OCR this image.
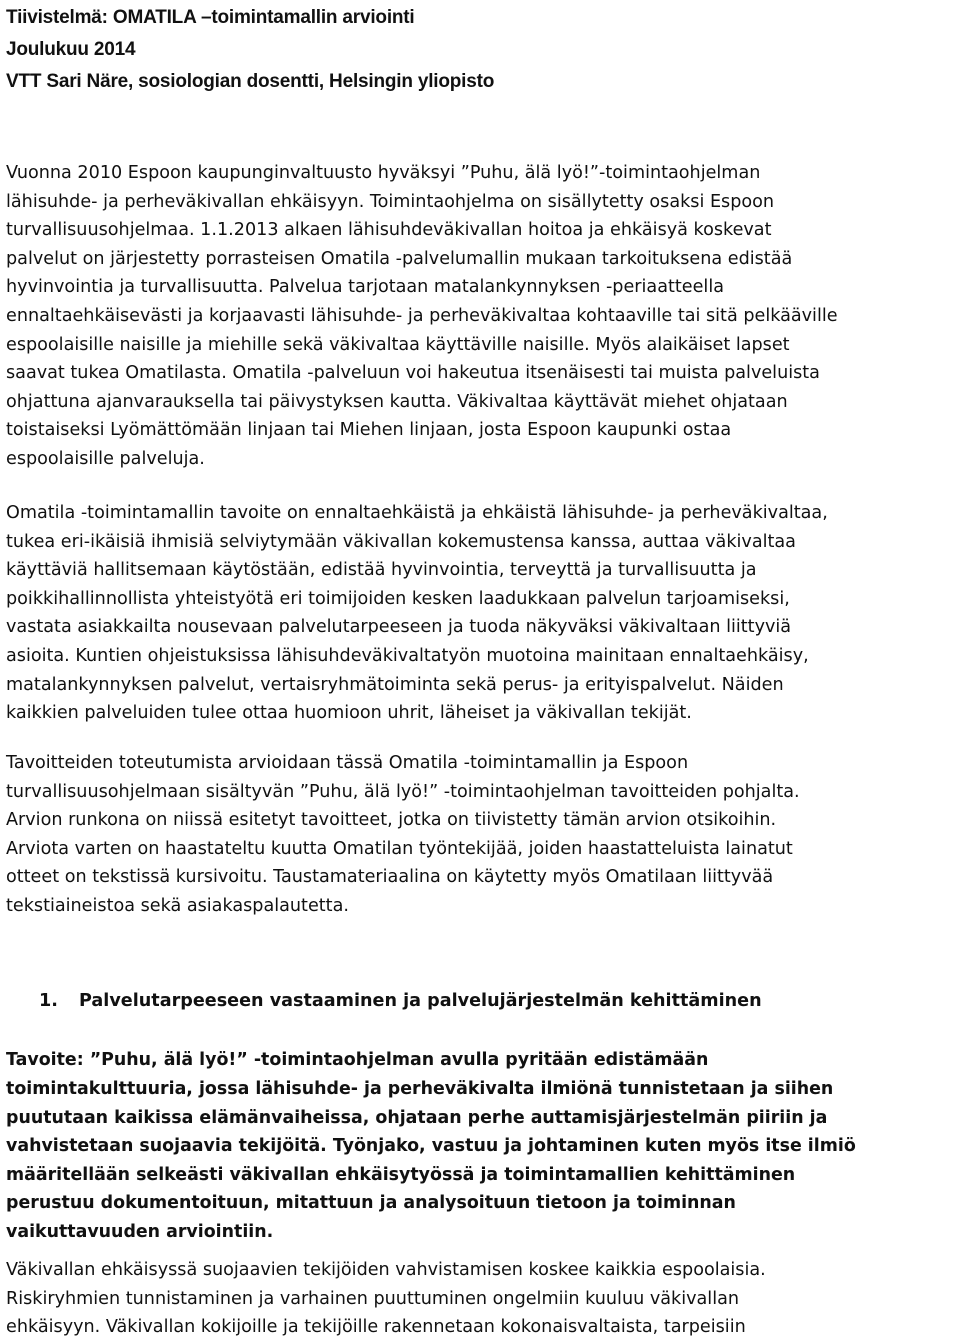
Tiivistelmä: OMATILA –toimintamallin arviointi
Joulukuu 2014
VTT Sari Näre, sosiologian dosentti, Helsingin yliopisto

Vuonna 2010 Espoon kaupunginvaltuusto hyväksyi ”Puhu, älä lyö!”-toimintaohjelman
lähisuhde- ja perheväkivallan ehkäisyyn. Toimintaohjelma on sisällytetty osaksi Espoon
turvallisuusohjelmaa. 1.1.2013 alkaen lähisuhdeväkivallan hoitoa ja ehkäisyä koskevat
palvelut on järjestetty porrasteisen Omatila -palvelumallin mukaan tarkoituksena edistää
hyvinvointia ja turvallisuutta. Palvelua tarjotaan matalankynnyksen -periaatteella
ennaltaehkäisevästi ja korjaavasti lähisuhde- ja perheväkivaltaa kohtaaville tai sitä pelkääville
espoolaisille naisille ja miehille sekä väkivaltaa käyttäville naisille. Myös alaikäiset lapset
saavat tukea Omatilasta. Omatila -palveluun voi hakeutua itsenäisesti tai muista palveluista
ohjattuna ajanvarauksella tai päivystyksen kautta. Väkivaltaa käyttävät miehet ohjataan
toistaiseksi Lyömättömään linjaan tai Miehen linjaan, josta Espoon kaupunki ostaa
espoolaisille palveluja.

Omatila -toimintamallin tavoite on ennaltaehkäistä ja ehkäistä lähisuhde- ja perheväkivaltaa,
tukea eri-ikäisiä ihmisiä selviytymään väkivallan kokemustensa kanssa, auttaa väkivaltaa
käyttäviä hallitsemaan käytöstään, edistää hyvinvointia, terveyttä ja turvallisuutta ja
poikkihallinnollista yhteistyötä eri toimijoiden kesken laadukkaan palvelun tarjoamiseksi,
vastata asiakkailta nousevaan palvelutarpeeseen ja tuoda näkyväksi väkivaltaan liittyviä
asioita. Kuntien ohjeistuksissa lähisuhdeväkivaltatyön muotoina mainitaan ennaltaehkäisy,
matalankynnyksen palvelut, vertaisryhmätoiminta sekä perus- ja erityispalvelut. Näiden
kaikkien palveluiden tulee ottaa huomioon uhrit, läheiset ja väkivallan tekijät.

Tavoitteiden toteutumista arvioidaan tässä Omatila -toimintamallin ja Espoon
turvallisuusohjelmaan sisältyvän ”Puhu, älä lyö!” -toimintaohjelman tavoitteiden pohjalta.
Arvion runkona on niissä esitetyt tavoitteet, jotka on tiivistetty tämän arvion otsikoihin.
Arviota varten on haastateltu kuutta Omatilan työntekijää, joiden haastatteluista lainatut
otteet on tekstissä kursivoitu. Taustamateriaalina on käytetty myös Omatilaan liittyvää
tekstiaineistoa sekä asiakaspalautetta.

1. Palvelutarpeeseen vastaaminen ja palvelujärjestelmän kehittäminen

Tavoite: ”Puhu, älä lyö!” -toimintaohjelman avulla pyritään edistämään
toimintakulttuuria, jossa lähisuhde- ja perheväkivalta ilmiönä tunnistetaan ja siihen
puututaan kaikissa elämänvaiheissa, ohjataan perhe auttamisjärjestelmän piiriin ja
vahvistetaan suojaavia tekijöitä. Työnjako, vastuu ja johtaminen kuten myös itse ilmiö
määritellään selkeästi väkivallan ehkäisytyössä ja toimintamallien kehittäminen
perustuu dokumentoituun, mitattuun ja analysoituun tietoon ja toiminnan
vaikuttavuuden arviointiin.

Väkivallan ehkäisyssä suojaavien tekijöiden vahvistamisen koskee kaikkia espoolaisia.
Riskiryhmien tunnistaminen ja varhainen puuttuminen ongelmiin kuuluu väkivallan
ehkäisyyn. Väkivallan kokijoille ja tekijöille rakennetaan kokonaisvaltaista, tarpeisiin
